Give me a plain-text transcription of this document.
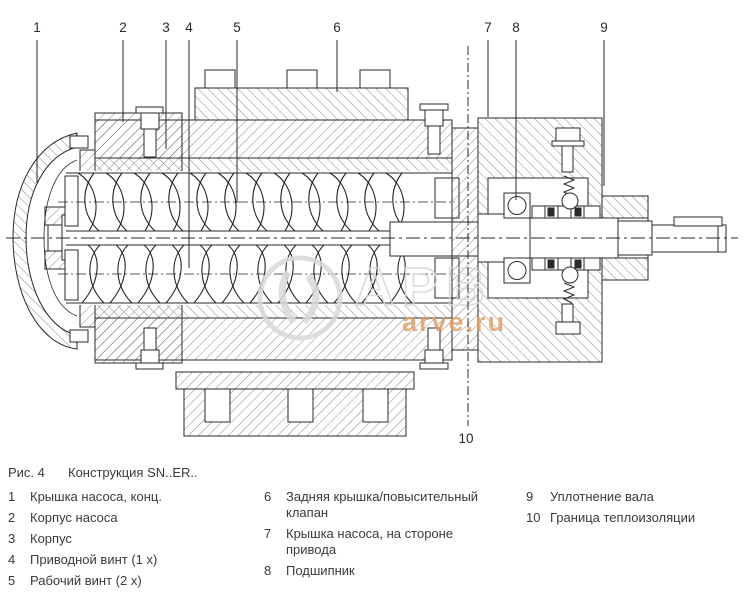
АРВ
arve.ru
1	2	3 4	5	6	7 8	9
10
Рис. 4 Конструкция SN..ER..
1	Крышка насоса, конц.
2	Корпус насоса
3	Корпус
4	Приводной винт (1 x)
5	Рабочий винт (2 x)
6	Задняя крышка/повысительный клапан
7	Крышка насоса, на стороне привода
8	Подшипник
9	Уплотнение вала
10 Граница теплоизоляции
